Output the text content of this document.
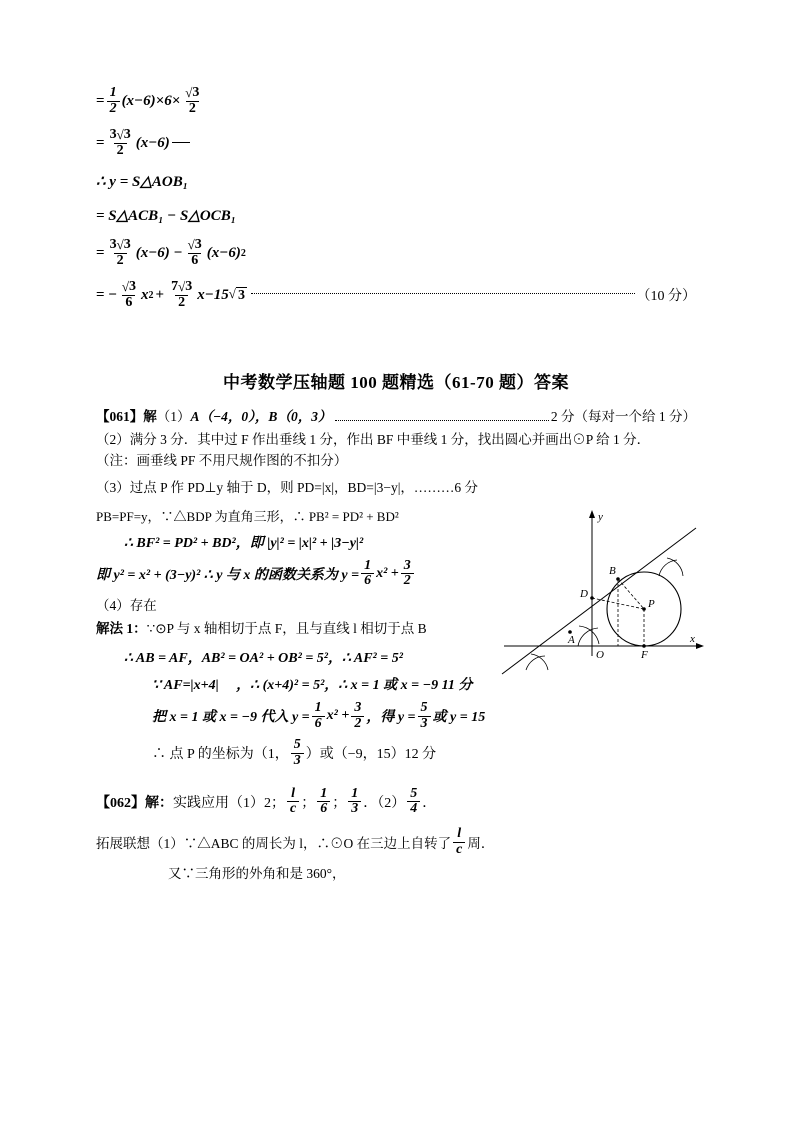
= $\frac{1}{2} (x-6)\times 6\times \frac{√ 3}{2}$
= $\frac{3 √ 3}{2} (x-6)$
∴ y = S△AOB₁
= S△ACB₁ − S△OCB₁
= $\frac{3 √ 3}{2} (x-6) - \frac{√ 3}{6} (x-6)$ 2
= − $\frac{√ 3}{6}$ x $2 + \frac{7 √ 3}{2} x-15$ √ 3	（10 分）
中考数学压轴题 100 题精选（61-70 题）答案
【061】解 （1） A（−4，0），B（0，3）	2 分（每对一个给 1 分）
（2）满分 3 分．其中过 F 作出垂线 1 分，作出 BF 中垂线 1 分，找出圆心并画出⊙P 给 1 分．　　（注：画垂线 PF 不用尺规作图的不扣分）
（3）过点 P 作 PD⊥y 轴于 D，则 PD=|x|，BD=|3−y|，………6 分
y
B
D
P
A
O	F
x
PB=PF=y，∵△BDP 为直角三形，∴ PB² = PD² + BD²
∴ BF² = PD² + BD²，即 |y|² = |x|² + |3−y|²
即 y² = x² + (3−y)² ∴ y 与 x 的函数关系为 $y = \frac{1}{6} x^2 + \frac{3}{2}$
（4）存在
解法 1： ∵⊙P 与 x 轴相切于点 F，且与直线 l 相切于点 B
∴ AB = AF，AB² = OA² + OB² = 5²，∴ AF² = 5²
∵ AF=|x+4| 　，∴ (x+4)² = 5²，∴ x = 1 或 x = −9 11 分
把 x = 1 或 x = −9 代入 $y = \frac{1}{6} x^2 + \frac{3}{2}$ ，得 $y = \frac{5}{3}$ 或 y = 15
∴ 点 P 的坐标为（1， $\frac{5}{3}$ ）或（−9，15）12 分
【062】解： 实践应用（1）2； $\frac{l}{c}$ ； $\frac{1}{6}$ ； $\frac{1}{3}$ ．$(2) \frac{5}{4}$ ．
拓展联想（1）∵△ABC 的周长为 l，∴⊙O 在三边上自转了 $\frac{l}{c}$ 周．
又∵三角形的外角和是 360°，
